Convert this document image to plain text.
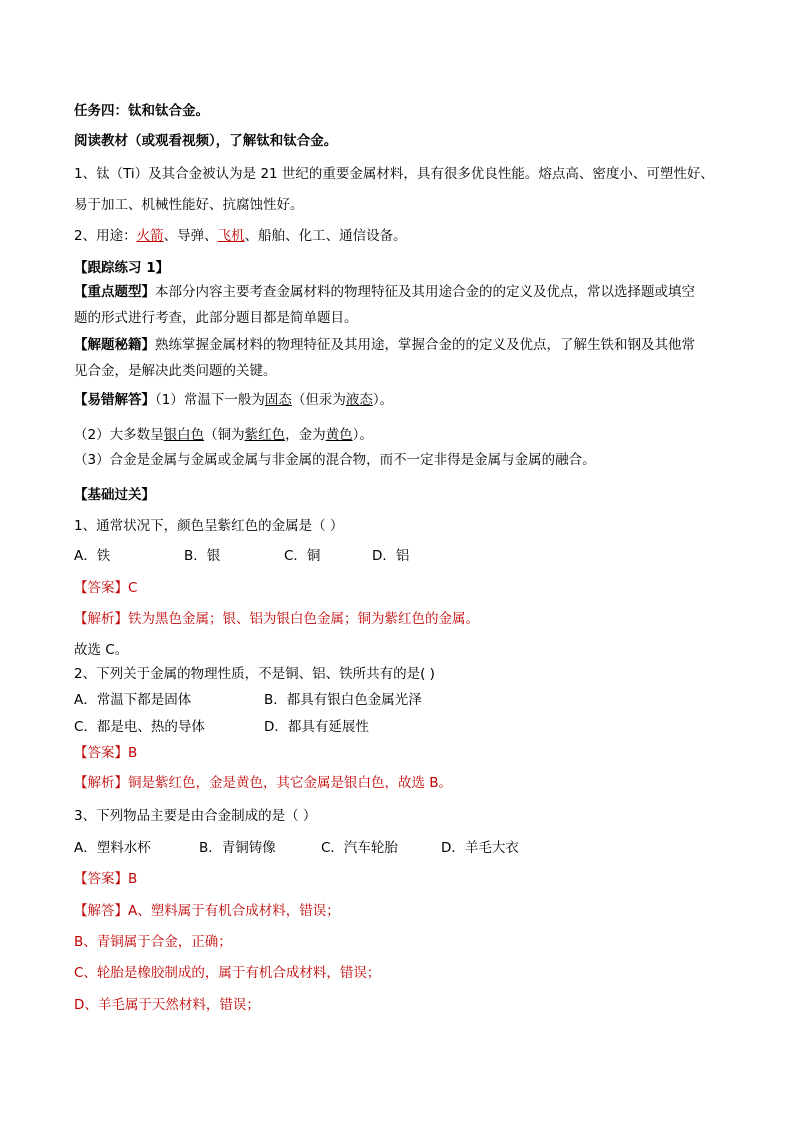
任务四：钛和钛合金。
阅读教材（或观看视频），了解钛和钛合金。
1、钛（Ti）及其合金被认为是 21 世纪的重要金属材料，具有很多优良性能。熔点高、密度小、可塑性好、
易于加工、机械性能好、抗腐蚀性好。
2、用途：火箭、导弹、飞机、船舶、化工、通信设备。
【跟踪练习 1】
【重点题型】本部分内容主要考查金属材料的物理特征及其用途合金的的定义及优点，常以选择题或填空
题的形式进行考查，此部分题目都是简单题目。
【解题秘籍】熟练掌握金属材料的物理特征及其用途，掌握合金的的定义及优点，了解生铁和钢及其他常
见合金，是解决此类问题的关键。
【易错解答】（1）常温下一般为固态（但汞为液态）。
（2）大多数呈银白色（铜为紫红色，金为黄色）。
（3）合金是金属与金属或金属与非金属的混合物，而不一定非得是金属与金属的融合。
【基础过关】
1、通常状况下，颜色呈紫红色的金属是（ ）
A．铁	B．银	C．铜	D．铝
【答案】C
【解析】铁为黑色金属；银、铝为银白色金属；铜为紫红色的金属。
故选 C。
2、下列关于金属的物理性质，不是铜、铝、铁所共有的是( )
A．常温下都是固体	B．都具有银白色金属光泽
C．都是电、热的导体	D．都具有延展性
【答案】B
【解析】铜是紫红色，金是黄色，其它金属是银白色，故选 B。
3、下列物品主要是由合金制成的是（ ）
A．塑料水杯	B．青铜铸像	C．汽车轮胎	D．羊毛大衣
【答案】B
【解答】A、塑料属于有机合成材料，错误；
B、青铜属于合金，正确；
C、轮胎是橡胶制成的，属于有机合成材料，错误；
D、羊毛属于天然材料，错误；
